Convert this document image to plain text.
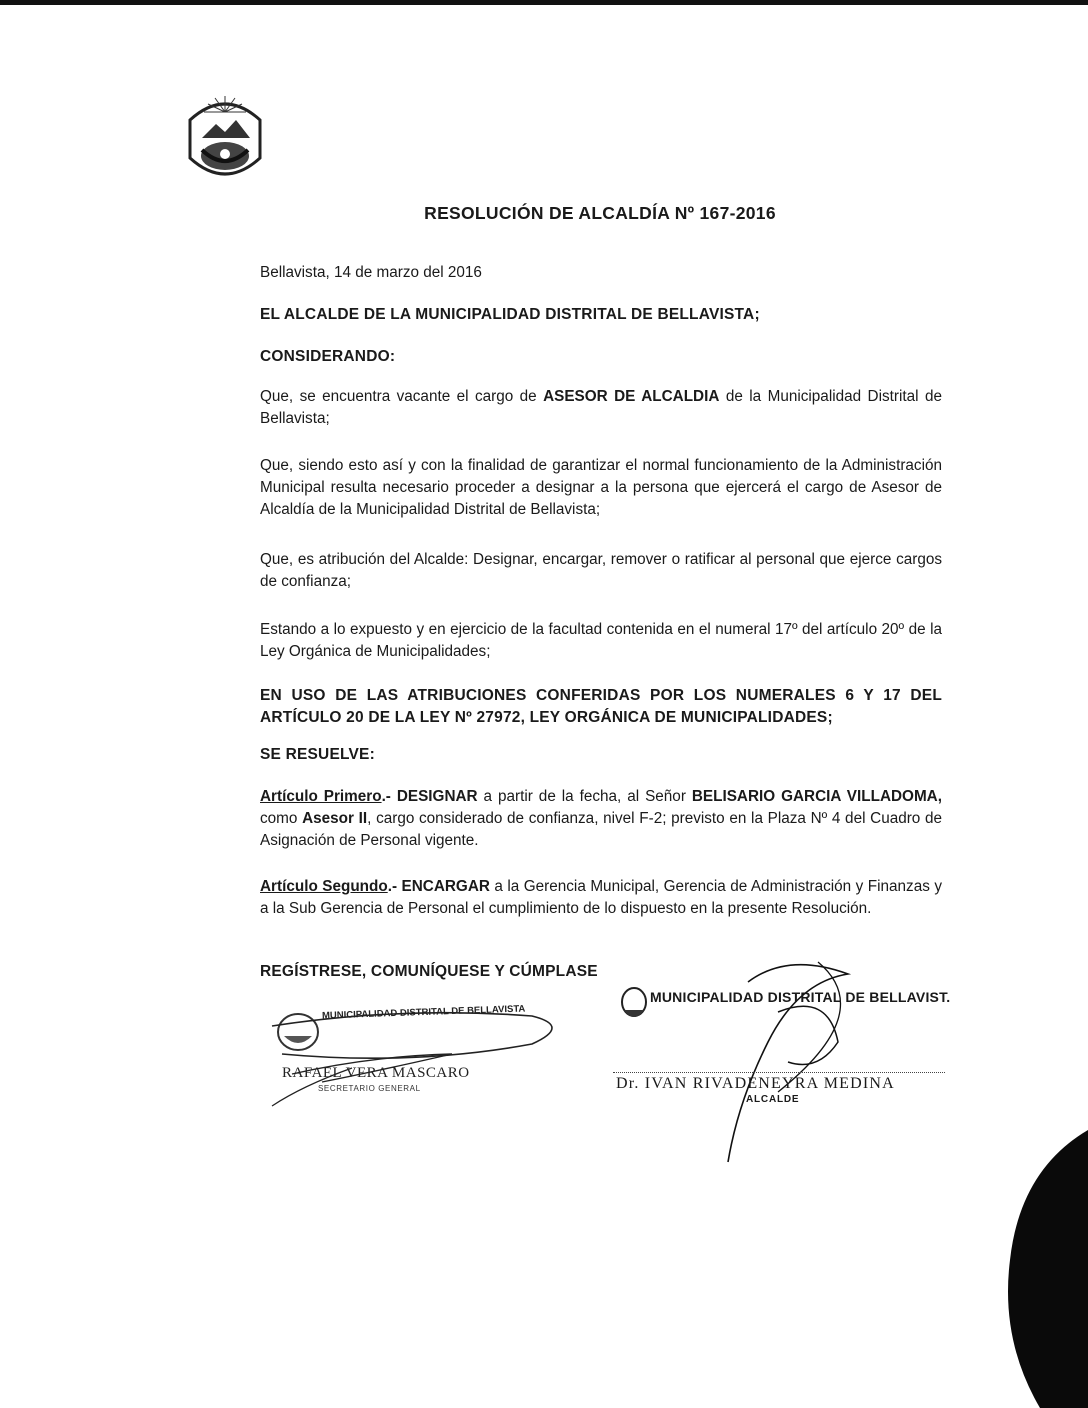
RESOLUCIÓN DE ALCALDÍA Nº 167-2016
Bellavista, 14 de marzo del 2016
EL ALCALDE DE LA MUNICIPALIDAD DISTRITAL DE BELLAVISTA;
CONSIDERANDO:
Que, se encuentra vacante el cargo de ASESOR DE ALCALDIA de la Municipalidad Distrital de Bellavista;
Que, siendo esto así y con la finalidad de garantizar el normal funcionamiento de la Administración Municipal resulta necesario proceder a designar a la persona que ejercerá el cargo de Asesor de Alcaldía de la Municipalidad Distrital de Bellavista;
Que, es atribución del Alcalde: Designar, encargar, remover o ratificar al personal que ejerce cargos de confianza;
Estando a lo expuesto y en ejercicio de la facultad contenida en el numeral 17º del artículo 20º de la Ley Orgánica de Municipalidades;
EN USO DE LAS ATRIBUCIONES CONFERIDAS POR LOS NUMERALES 6 Y 17 DEL ARTÍCULO 20 DE LA LEY Nº 27972, LEY ORGÁNICA DE MUNICIPALIDADES;
SE RESUELVE:
Artículo Primero.- DESIGNAR a partir de la fecha, al Señor BELISARIO GARCIA VILLADOMA, como Asesor II, cargo considerado de confianza, nivel F-2; previsto en la Plaza Nº 4 del Cuadro de Asignación de Personal vigente.
Artículo Segundo.- ENCARGAR a la Gerencia Municipal, Gerencia de Administración y Finanzas y a la Sub Gerencia de Personal el cumplimiento de lo dispuesto en la presente Resolución.
REGÍSTRESE, COMUNÍQUESE Y CÚMPLASE
MUNICIPALIDAD DISTRITAL DE BELLAVISTA
RAFAEL VERA MASCARO
SECRETARIO GENERAL
MUNICIPALIDAD DISTRITAL DE BELLAVIST.
Dr. IVAN RIVADENEYRA MEDINA
ALCALDE
